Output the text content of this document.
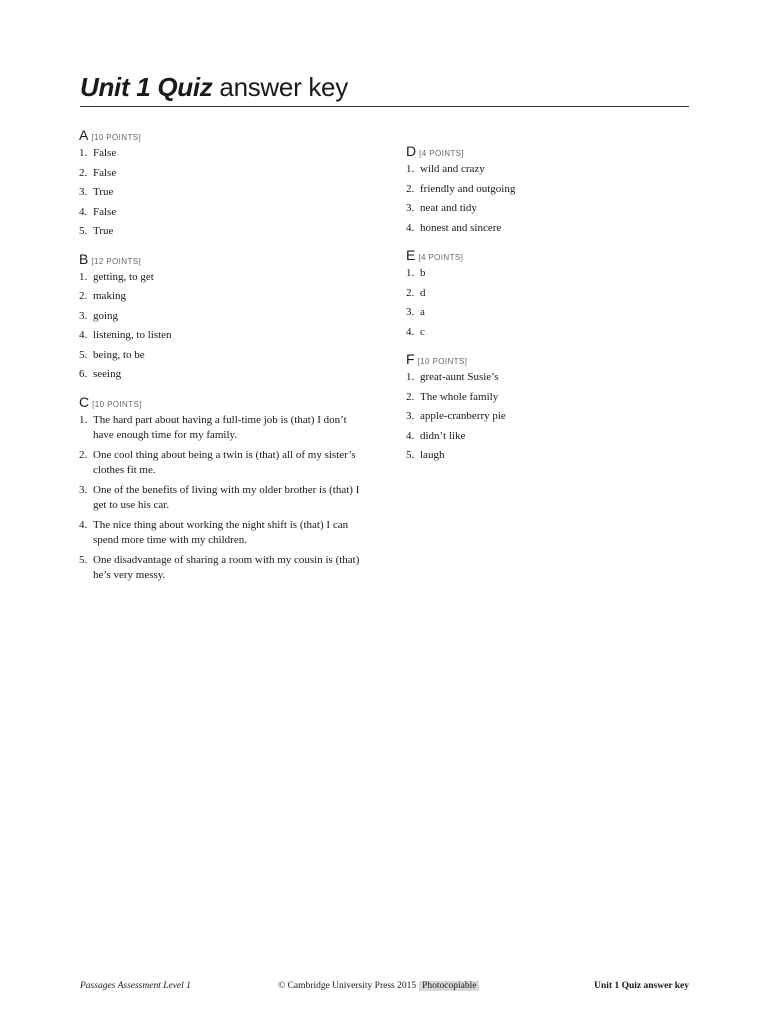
Unit 1 Quiz answer key
A [10 POINTS]
1. False
2. False
3. True
4. False
5. True
B [12 POINTS]
1. getting, to get
2. making
3. going
4. listening, to listen
5. being, to be
6. seeing
C [10 POINTS]
1. The hard part about having a full-time job is (that) I don’t have enough time for my family.
2. One cool thing about being a twin is (that) all of my sister’s clothes fit me.
3. One of the benefits of living with my older brother is (that) I get to use his car.
4. The nice thing about working the night shift is (that) I can spend more time with my children.
5. One disadvantage of sharing a room with my cousin is (that) he’s very messy.
D [4 POINTS]
1. wild and crazy
2. friendly and outgoing
3. neat and tidy
4. honest and sincere
E [4 POINTS]
1. b
2. d
3. a
4. c
F [10 POINTS]
1. great-aunt Susie’s
2. The whole family
3. apple-cranberry pie
4. didn’t like
5. laugh
Passages Assessment Level 1	© Cambridge University Press 2015 Photocopiable	Unit 1 Quiz answer key
